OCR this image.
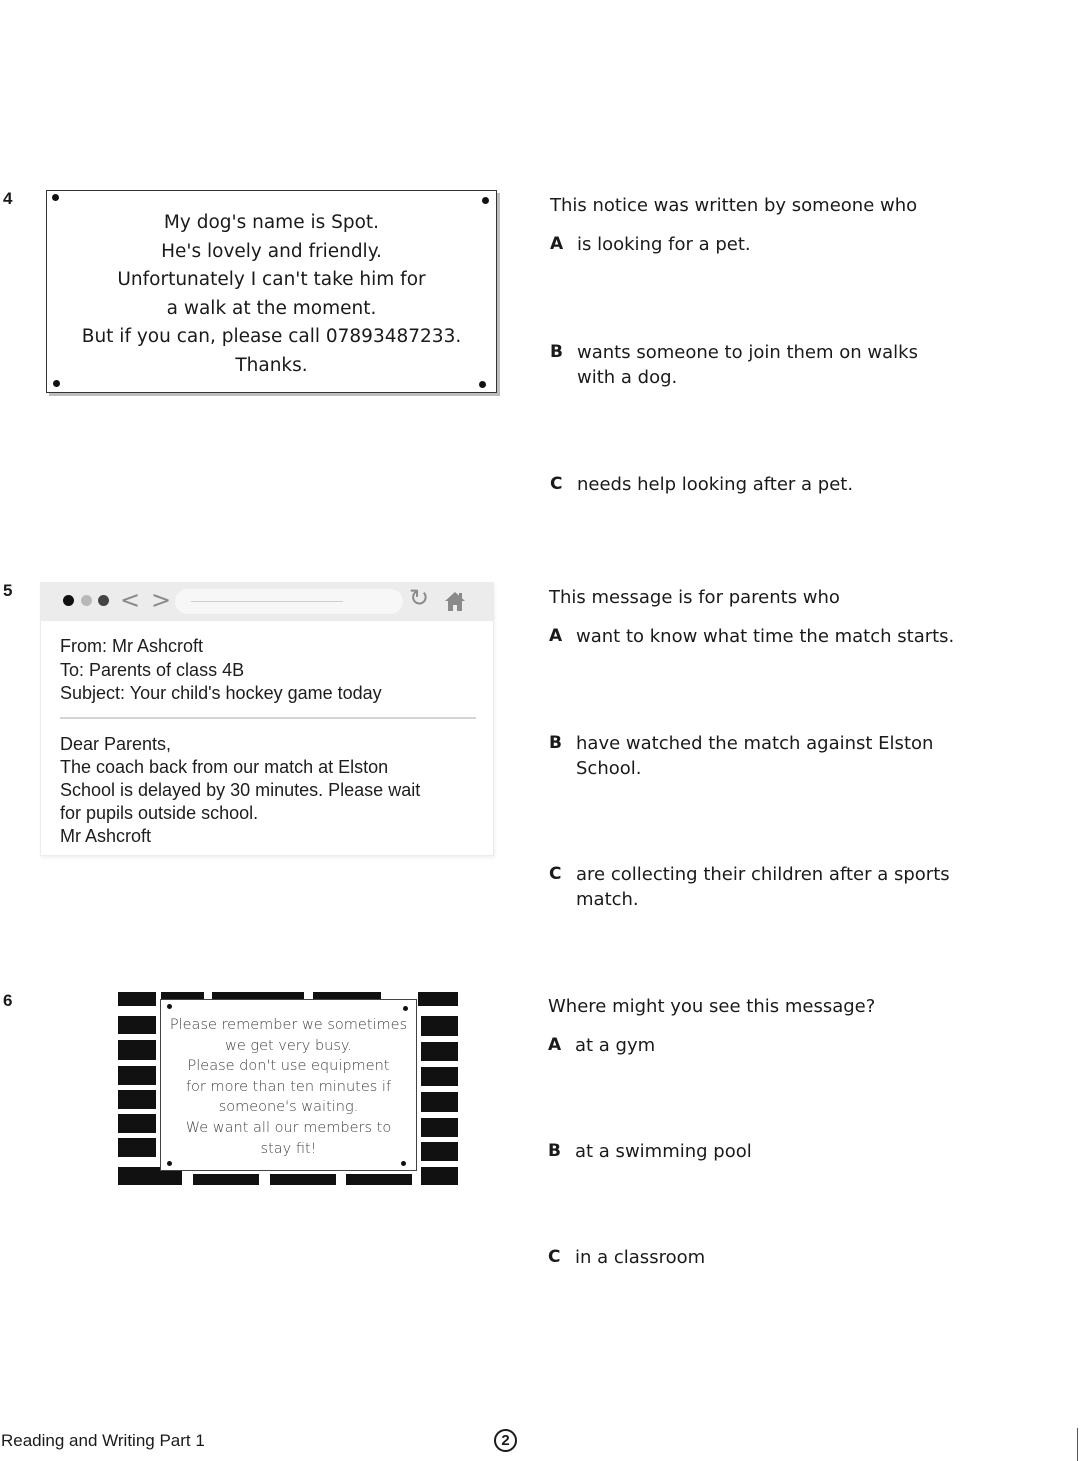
4
My dog's name is Spot.
He's lovely and friendly.
Unfortunately I can't take him for
a walk at the moment.
But if you can, please call 07893487233.
Thanks.
This notice was written by someone who
A is looking for a pet.
B wants someone to join them on walks
with a dog.
C needs help looking after a pet.
5	< >	↻
From: Mr Ashcroft
To: Parents of class 4B
Subject: Your child's hockey game today
Dear Parents,
The coach back from our match at Elston
School is delayed by 30 minutes. Please wait
for pupils outside school.
Mr Ashcroft
This message is for parents who
A want to know what time the match starts.
B have watched the match against Elston
School.
C are collecting their children after a sports
match.
6
Please remember we sometimes
we get very busy.
Please don't use equipment
for more than ten minutes if
someone's waiting.
We want all our members to
stay fit!
Where might you see this message?
A at a gym
B at a swimming pool
C in a classroom
Reading and Writing Part 1	2
